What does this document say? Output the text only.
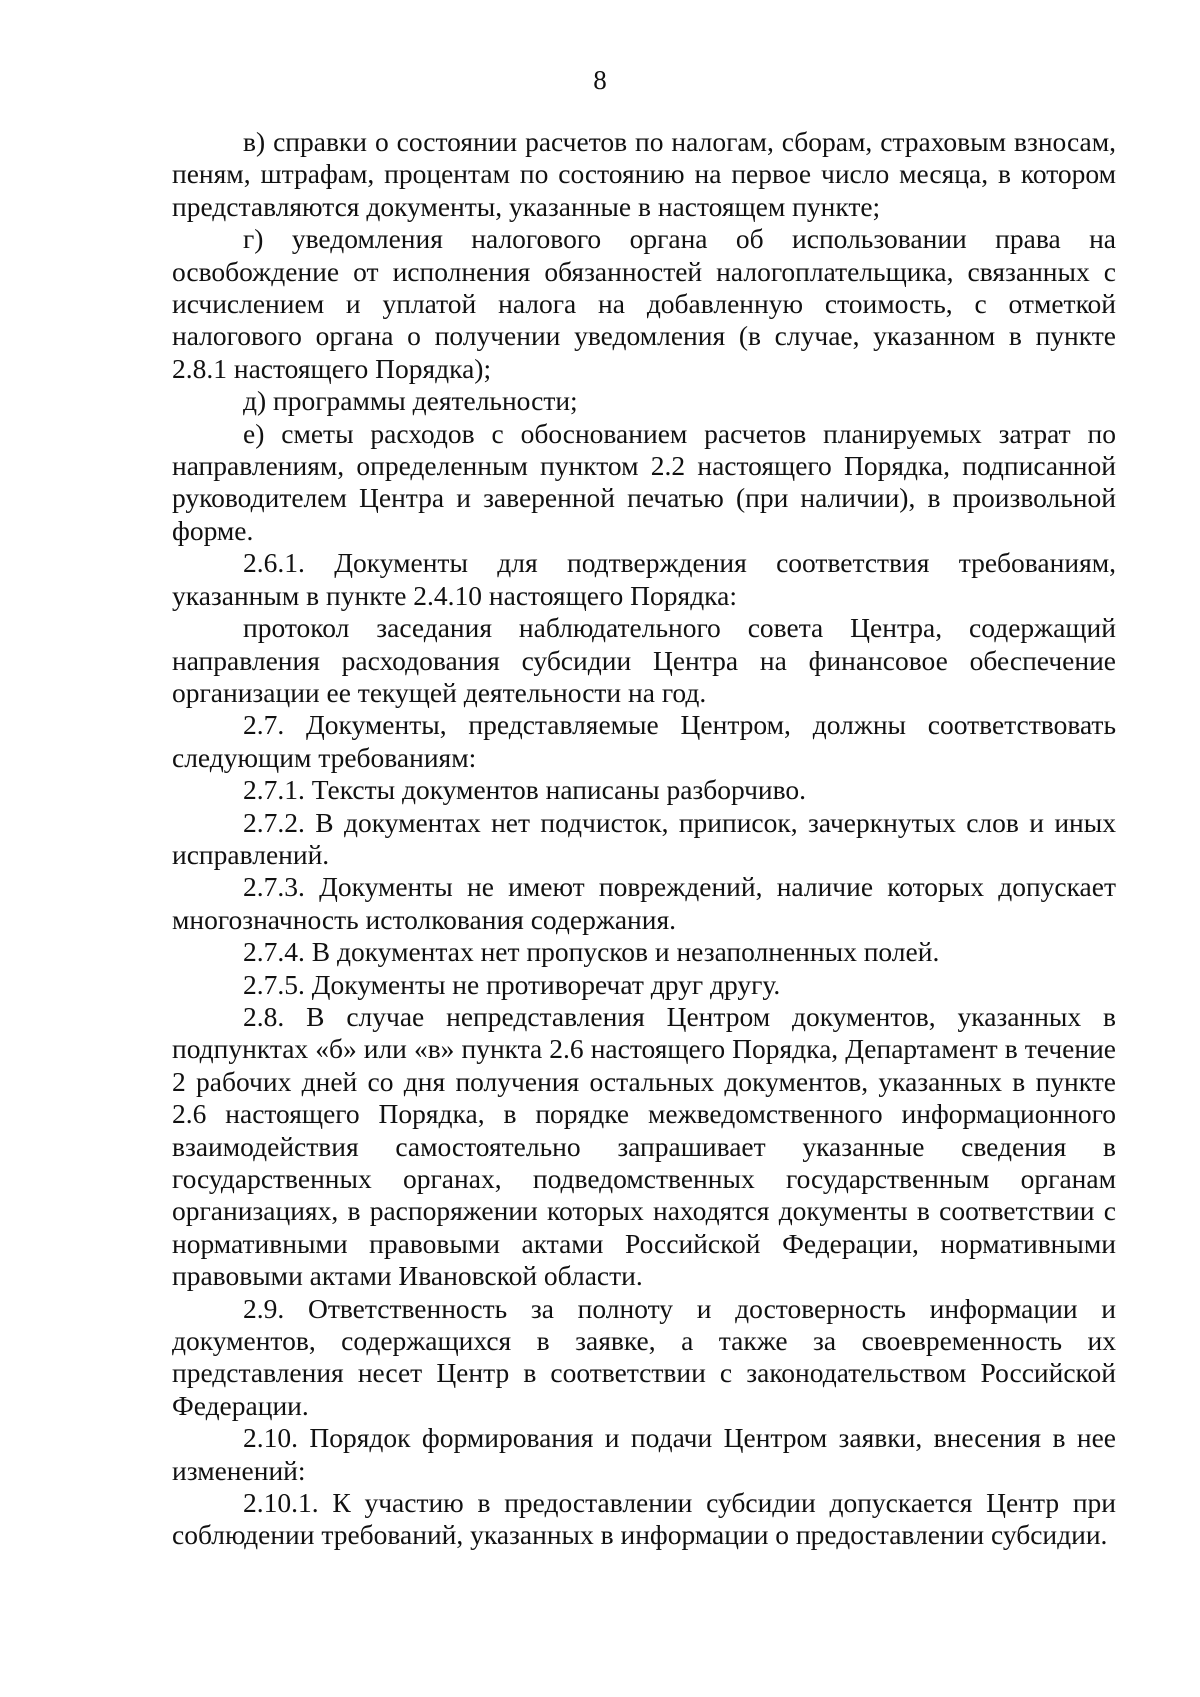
8

в) справки о состоянии расчетов по налогам, сборам, страховым взносам, пеням, штрафам, процентам по состоянию на первое число месяца, в котором представляются документы, указанные в настоящем пункте;

г) уведомления налогового органа об использовании права на освобождение от исполнения обязанностей налогоплательщика, связанных с исчислением и уплатой налога на добавленную стоимость, с отметкой налогового органа о получении уведомления (в случае, указанном в пункте 2.8.1 настоящего Порядка);

д) программы деятельности;

е) сметы расходов с обоснованием расчетов планируемых затрат по направлениям, определенным пунктом 2.2 настоящего Порядка, подписанной руководителем Центра и заверенной печатью (при наличии), в произвольной форме.

2.6.1. Документы для подтверждения соответствия требованиям, указанным в пункте 2.4.10 настоящего Порядка:

протокол заседания наблюдательного совета Центра, содержащий направления расходования субсидии Центра на финансовое обеспечение организации ее текущей деятельности на год.

2.7. Документы, представляемые Центром, должны соответствовать следующим требованиям:

2.7.1. Тексты документов написаны разборчиво.

2.7.2. В документах нет подчисток, приписок, зачеркнутых слов и иных исправлений.

2.7.3. Документы не имеют повреждений, наличие которых допускает многозначность истолкования содержания.

2.7.4. В документах нет пропусков и незаполненных полей.

2.7.5. Документы не противоречат друг другу.

2.8. В случае непредставления Центром документов, указанных в подпунктах «б» или «в» пункта 2.6 настоящего Порядка, Департамент в течение 2 рабочих дней со дня получения остальных документов, указанных в пункте 2.6 настоящего Порядка, в порядке межведомственного информационного взаимодействия самостоятельно запрашивает указанные сведения в государственных органах, подведомственных государственным органам организациях, в распоряжении которых находятся документы в соответствии с нормативными правовыми актами Российской Федерации, нормативными правовыми актами Ивановской области.

2.9. Ответственность за полноту и достоверность информации и документов, содержащихся в заявке, а также за своевременность их представления несет Центр в соответствии с законодательством Российской Федерации.

2.10. Порядок формирования и подачи Центром заявки, внесения в нее изменений:

2.10.1. К участию в предоставлении субсидии допускается Центр при соблюдении требований, указанных в информации о предоставлении субсидии.
